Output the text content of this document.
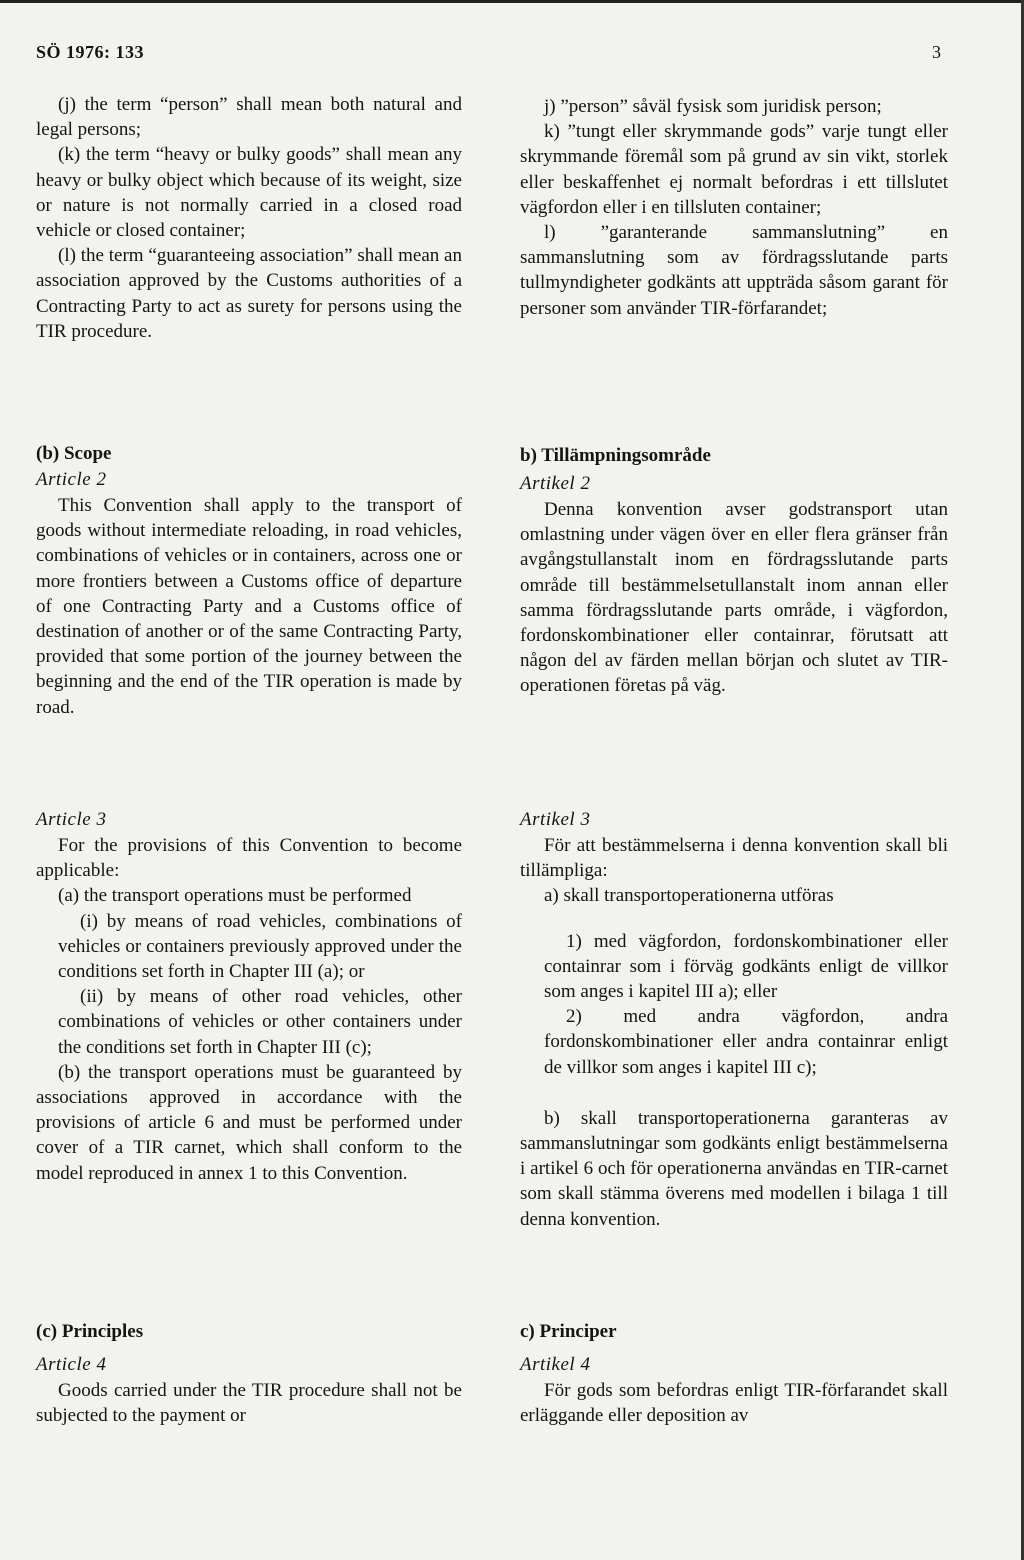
SÖ 1976: 133	3

(j) the term “person” shall mean both natural and legal persons;

(k) the term “heavy or bulky goods” shall mean any heavy or bulky object which because of its weight, size or nature is not normally carried in a closed road vehicle or closed container;

(l) the term “guaranteeing association” shall mean an association approved by the Customs authorities of a Contracting Party to act as surety for persons using the TIR procedure.

(b) Scope
Article 2

This Convention shall apply to the transport of goods without intermediate reloading, in road vehicles, combinations of vehicles or in containers, across one or more frontiers between a Customs office of departure of one Contracting Party and a Customs office of destination of another or of the same Contracting Party, provided that some portion of the journey between the beginning and the end of the TIR operation is made by road.

Article 3

For the provisions of this Convention to become applicable:

(a) the transport operations must be performed

(i) by means of road vehicles, combinations of vehicles or containers previously approved under the conditions set forth in Chapter III (a); or

(ii) by means of other road vehicles, other combinations of vehicles or other containers under the conditions set forth in Chapter III (c);

(b) the transport operations must be guaranteed by associations approved in accordance with the provisions of article 6 and must be performed under cover of a TIR carnet, which shall conform to the model reproduced in annex 1 to this Convention.

(c) Principles
Article 4

Goods carried under the TIR procedure shall not be subjected to the payment or

j) ”person” såväl fysisk som juridisk person;

k) ”tungt eller skrymmande gods” varje tungt eller skrymmande föremål som på grund av sin vikt, storlek eller beskaffenhet ej normalt befordras i ett tillslutet vägfordon eller i en tillsluten container;

l) ”garanterande sammanslutning” en sammanslutning som av fördragsslutande parts tullmyndigheter godkänts att uppträda såsom garant för personer som använder TIR-förfarandet;

b) Tillämpningsområde
Artikel 2

Denna konvention avser godstransport utan omlastning under vägen över en eller flera gränser från avgångstullanstalt inom en fördragsslutande parts område till bestämmelsetullanstalt inom annan eller samma fördragsslutande parts område, i vägfordon, fordonskombinationer eller containrar, förutsatt att någon del av färden mellan början och slutet av TIR-operationen företas på väg.

Artikel 3

För att bestämmelserna i denna konvention skall bli tillämpliga:

a) skall transportoperationerna utföras

1) med vägfordon, fordonskombinationer eller containrar som i förväg godkänts enligt de villkor som anges i kapitel III a); eller

2) med andra vägfordon, andra fordonskombinationer eller andra containrar enligt de villkor som anges i kapitel III c);

b) skall transportoperationerna garanteras av sammanslutningar som godkänts enligt bestämmelserna i artikel 6 och för operationerna användas en TIR-carnet som skall stämma överens med modellen i bilaga 1 till denna konvention.

c) Principer
Artikel 4

För gods som befordras enligt TIR-förfarandet skall erläggande eller deposition av
